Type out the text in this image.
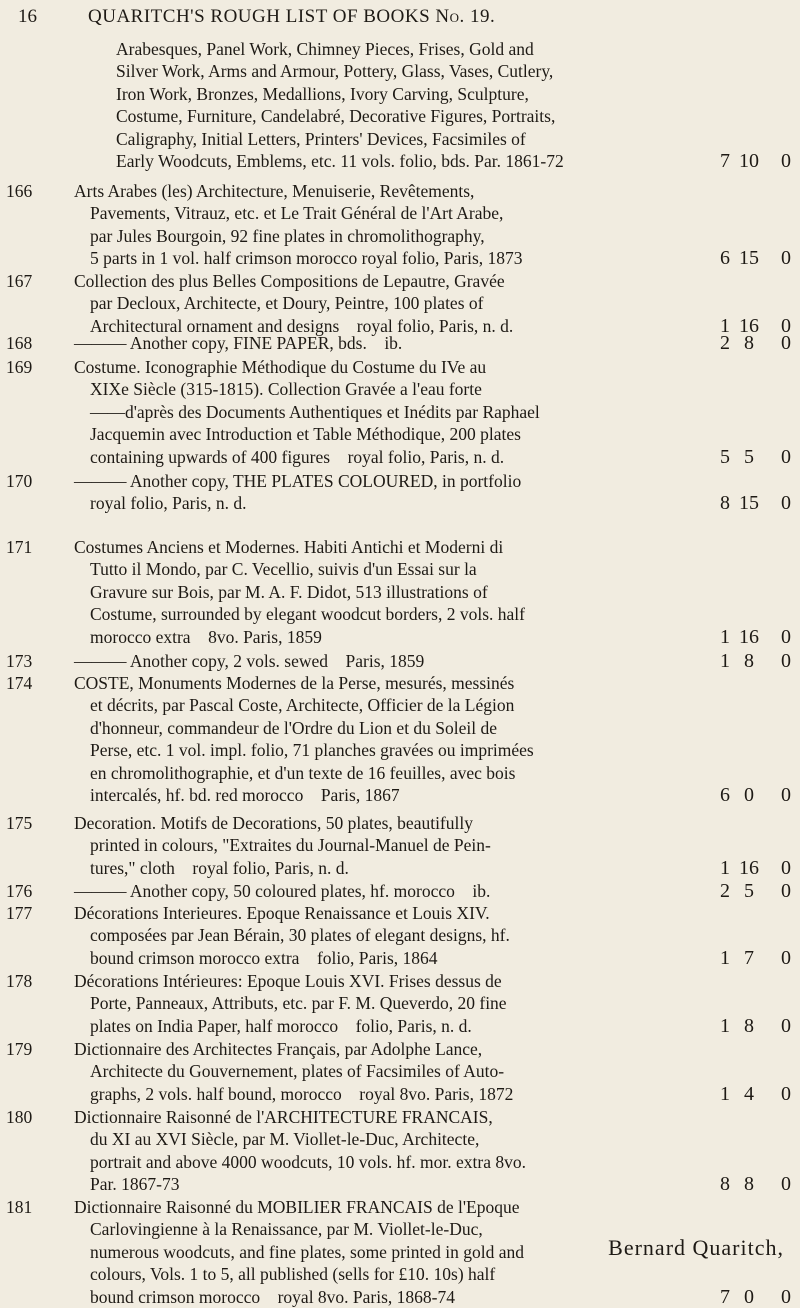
16	QUARITCH'S ROUGH LIST OF BOOKS No. 19.
Arabesques, Panel Work, Chimney Pieces, Frises, Gold and
Silver Work, Arms and Armour, Pottery, Glass, Vases, Cutlery,
Iron Work, Bronzes, Medallions, Ivory Carving, Sculpture,
Costume, Furniture, Candelabré, Decorative Figures, Portraits,
Caligraphy, Initial Letters, Printers' Devices, Facsimiles of
Early Woodcuts, Emblems, etc. 11 vols. folio, bds. Par. 1861-72	7 10 0
166	Arts Arabes (les) Architecture, Menuiserie, Revêtements,
Pavements, Vitrauz, etc. et Le Trait Général de l'Art Arabe,
par Jules Bourgoin, 92 fine plates in chromolithography,
5 parts in 1 vol. half crimson morocco royal folio, Paris, 1873	6 15 0
167	Collection des plus Belles Compositions de Lepautre, Gravée
par Decloux, Architecte, et Doury, Peintre, 100 plates of
Architectural ornament and designs    royal folio, Paris, n. d.	1 16 0
168	——— Another copy, FINE PAPER, bds.    ib.	2 8	0
169	Costume. Iconographie Méthodique du Costume du IVe au
XIXe Siècle (315-1815). Collection Gravée a l'eau forte
——d'après des Documents Authentiques et Inédits par Raphael
Jacquemin avec Introduction et Table Méthodique, 200 plates
containing upwards of 400 figures    royal folio, Paris, n. d.	5 5	0
170	——— Another copy, THE PLATES COLOURED, in portfolio
royal folio, Paris, n. d.	8 15 0
171	Costumes Anciens et Modernes. Habiti Antichi et Moderni di
Tutto il Mondo, par C. Vecellio, suivis d'un Essai sur la
Gravure sur Bois, par M. A. F. Didot, 513 illustrations of
Costume, surrounded by elegant woodcut borders, 2 vols. half
morocco extra    8vo. Paris, 1859	1 16 0
173	——— Another copy, 2 vols. sewed    Paris, 1859	1 8	0
174	COSTE, Monuments Modernes de la Perse, mesurés, messinés
et décrits, par Pascal Coste, Architecte, Officier de la Légion
d'honneur, commandeur de l'Ordre du Lion et du Soleil de
Perse, etc. 1 vol. impl. folio, 71 planches gravées ou imprimées
en chromolithographie, et d'un texte de 16 feuilles, avec bois
intercalés, hf. bd. red morocco    Paris, 1867	6 0	0
175	Decoration. Motifs de Decorations, 50 plates, beautifully
printed in colours, "Extraites du Journal-Manuel de Pein-
tures," cloth    royal folio, Paris, n. d.	1 16 0
176	——— Another copy, 50 coloured plates, hf. morocco    ib.	2 5	0
177	Décorations Interieures. Epoque Renaissance et Louis XIV.
composées par Jean Bérain, 30 plates of elegant designs, hf.
bound crimson morocco extra    folio, Paris, 1864	1 7	0
178	Décorations Intérieures: Epoque Louis XVI. Frises dessus de
Porte, Panneaux, Attributs, etc. par F. M. Queverdo, 20 fine
plates on India Paper, half morocco    folio, Paris, n. d.	1 8	0
179	Dictionnaire des Architectes Français, par Adolphe Lance,
Architecte du Gouvernement, plates of Facsimiles of Auto-
graphs, 2 vols. half bound, morocco    royal 8vo. Paris, 1872	1 4	0
180	Dictionnaire Raisonné de l'ARCHITECTURE FRANCAIS,
du XI au XVI Siècle, par M. Viollet-le-Duc, Architecte,
portrait and above 4000 woodcuts, 10 vols. hf. mor. extra 8vo.
Par. 1867-73	8 8	0
181	Dictionnaire Raisonné du MOBILIER FRANCAIS de l'Epoque
Carlovingienne à la Renaissance, par M. Viollet-le-Duc,
numerous woodcuts, and fine plates, some printed in gold and
colours, Vols. 1 to 5, all published (sells for £10. 10s) half
bound crimson morocco    royal 8vo. Paris, 1868-74	7 0	0
Bernard Quaritch,
